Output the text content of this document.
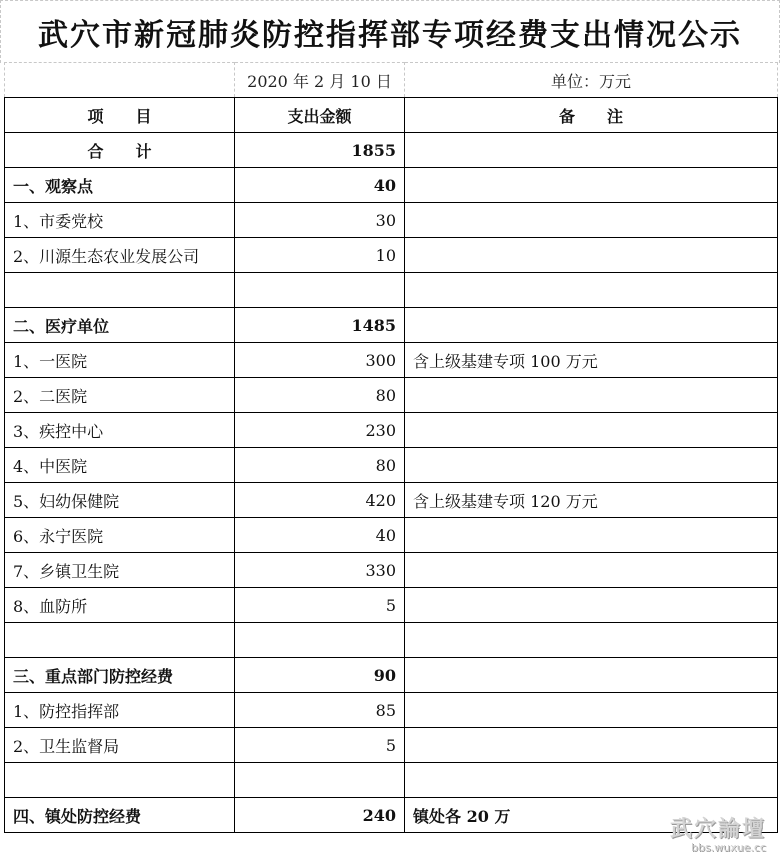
武穴市新冠肺炎防控指挥部专项经费支出情况公示
	2020 年 2 月 10 日	单位：万元
项　　目	支出金额	备　　注
合　　计	1855	
一、观察点	40	
1、市委党校	30	
2、川源生态农业发展公司	10	

二、医疗单位	1485	
1、一医院	300	含上级基建专项 100 万元
2、二医院	80	
3、疾控中心	230	
4、中医院	80	
5、妇幼保健院	420	含上级基建专项 120 万元
6、永宁医院	40	
7、乡镇卫生院	330	
8、血防所	5	

三、重点部门防控经费	90	
1、防控指挥部	85	
2、卫生监督局	5	

四、镇处防控经费	240	镇处各 20 万
武穴論壇
bbs.wuxue.cc
